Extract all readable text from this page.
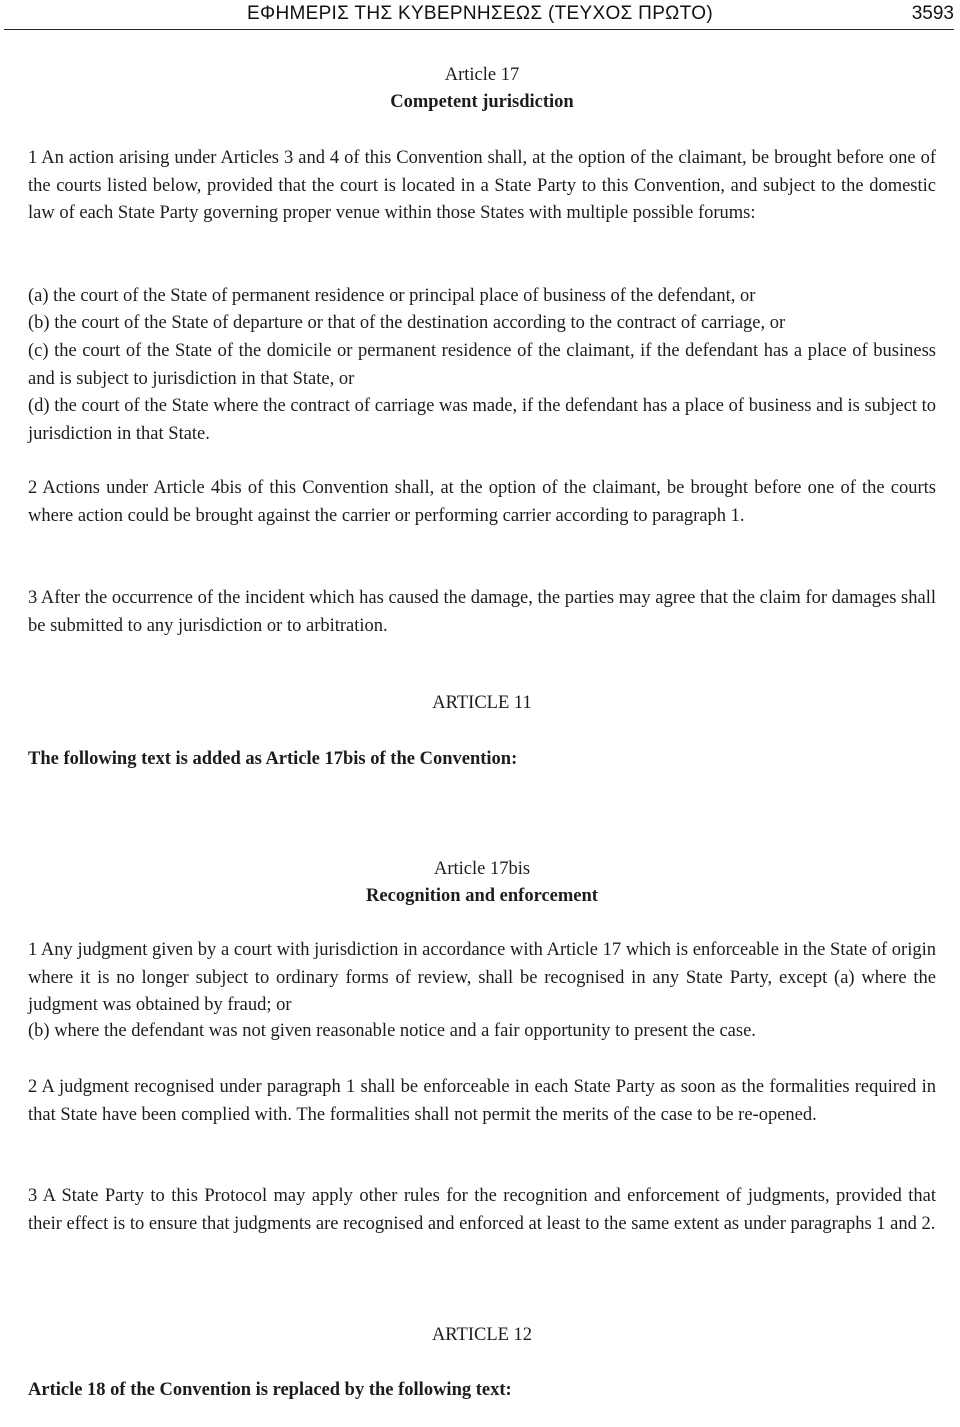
ΕΦΗΜΕΡΙΣ ΤΗΣ ΚΥΒΕΡΝΗΣΕΩΣ (ΤΕΥΧΟΣ ΠΡΩΤΟ)	3593
Article 17
Competent jurisdiction

1 An action arising under Articles 3 and 4 of this Convention shall, at the option of the claimant, be brought before one of the courts listed below, provided that the court is located in a State Party to this Convention, and subject to the domestic law of each State Party governing proper venue within those States with multiple possible forums:

(a) the court of the State of permanent residence or principal place of business of the defendant, or

(b) the court of the State of departure or that of the destination according to the contract of carriage, or

(c) the court of the State of the domicile or permanent residence of the claimant, if the defendant has a place of business and is subject to jurisdiction in that State, or

(d) the court of the State where the contract of carriage was made, if the defendant has a place of business and is subject to jurisdiction in that State.

2 Actions under Article 4bis of this Convention shall, at the option of the claimant, be brought before one of the courts where action could be brought against the carrier or performing carrier according to paragraph 1.

3 After the occurrence of the incident which has caused the damage, the parties may agree that the claim for damages shall be submitted to any jurisdiction or to arbitration.

ARTICLE 11
The following text is added as Article 17bis of the Convention:
Article 17bis
Recognition and enforcement

1 Any judgment given by a court with jurisdiction in accordance with Article 17 which is enforceable in the State of origin where it is no longer subject to ordinary forms of review, shall be recognised in any State Party, except (a) where the judgment was obtained by fraud; or

(b) where the defendant was not given reasonable notice and a fair opportunity to present the case.

2 A judgment recognised under paragraph 1 shall be enforceable in each State Party as soon as the formalities required in that State have been complied with. The formalities shall not permit the merits of the case to be re-opened.

3 A State Party to this Protocol may apply other rules for the recognition and enforcement of judgments, provided that their effect is to ensure that judgments are recognised and enforced at least to the same extent as under paragraphs 1 and 2.

ARTICLE 12
Article 18 of the Convention is replaced by the following text:
